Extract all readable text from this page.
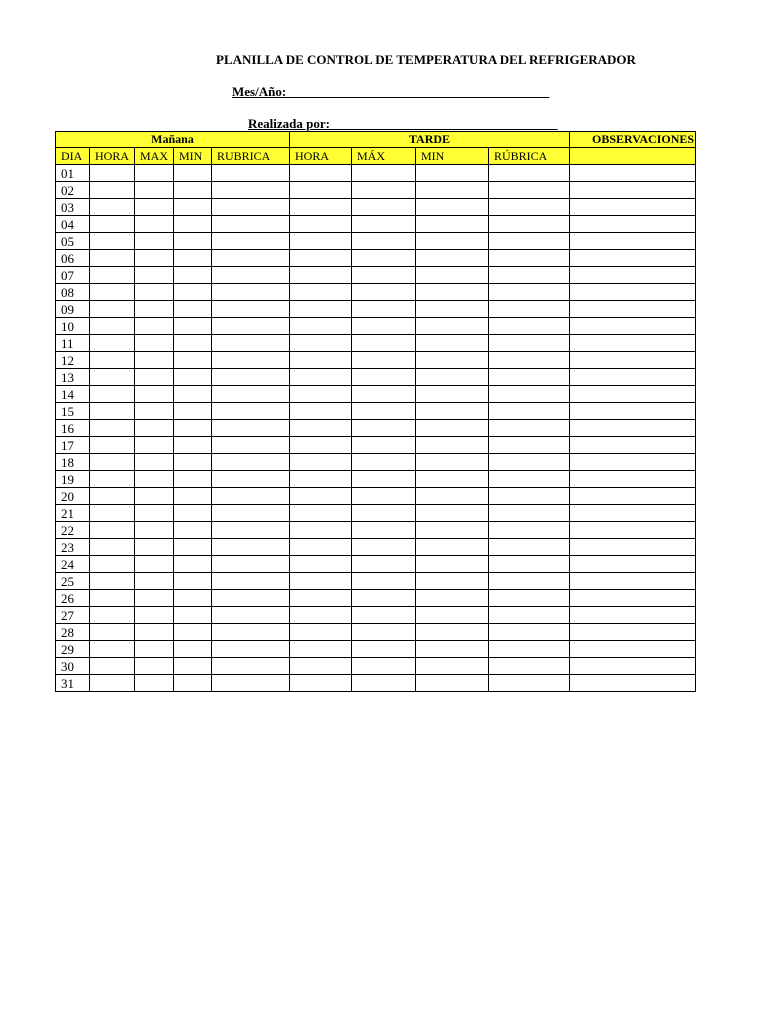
PLANILLA DE CONTROL DE TEMPERATURA DEL REFRIGERADOR
Mes/Año: ________________________________________
Realizada por:___________________________________
Mañana					TARDE				OBSERVACIONES
DIA	HORA	MAX	MIN	RUBRICA	HORA	MÁX	MIN	RÚBRICA	
01									
02									
03									
04									
05									
06									
07									
08									
09									
10									
11									
12									
13									
14									
15									
16									
17									
18									
19									
20									
21									
22									
23									
24									
25									
26									
27									
28									
29									
30									
31									
